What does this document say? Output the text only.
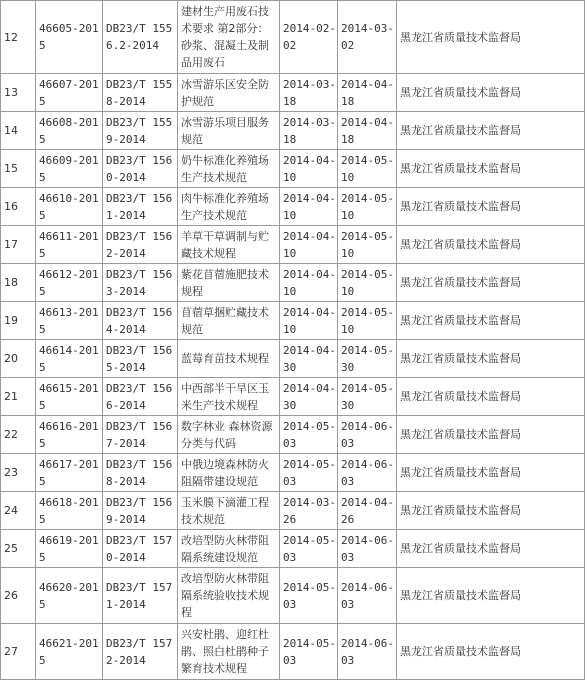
12	46605-2015	DB23/T 1556.2-2014	建材生产用废石技术要求 第2部分：砂浆、混凝土及制品用废石	2014-02-02	2014-03-02	黑龙江省质量技术监督局
13	46607-2015	DB23/T 1558-2014	冰雪游乐区安全防护规范	2014-03-18	2014-04-18	黑龙江省质量技术监督局
14	46608-2015	DB23/T 1559-2014	冰雪游乐项目服务规范	2014-03-18	2014-04-18	黑龙江省质量技术监督局
15	46609-2015	DB23/T 1560-2014	奶牛标准化养殖场生产技术规范	2014-04-10	2014-05-10	黑龙江省质量技术监督局
16	46610-2015	DB23/T 1561-2014	肉牛标准化养殖场生产技术规范	2014-04-10	2014-05-10	黑龙江省质量技术监督局
17	46611-2015	DB23/T 1562-2014	羊草干草调制与贮藏技术规程	2014-04-10	2014-05-10	黑龙江省质量技术监督局
18	46612-2015	DB23/T 1563-2014	紫花苜蓿施肥技术规程	2014-04-10	2014-05-10	黑龙江省质量技术监督局
19	46613-2015	DB23/T 1564-2014	苜蓿草捆贮藏技术规范	2014-04-10	2014-05-10	黑龙江省质量技术监督局
20	46614-2015	DB23/T 1565-2014	蓝莓育苗技术规程	2014-04-30	2014-05-30	黑龙江省质量技术监督局
21	46615-2015	DB23/T 1566-2014	中西部半干旱区玉米生产技术规程	2014-04-30	2014-05-30	黑龙江省质量技术监督局
22	46616-2015	DB23/T 1567-2014	数字林业 森林资源分类与代码	2014-05-03	2014-06-03	黑龙江省质量技术监督局
23	46617-2015	DB23/T 1568-2014	中俄边境森林防火阻隔带建设规范	2014-05-03	2014-06-03	黑龙江省质量技术监督局
24	46618-2015	DB23/T 1569-2014	玉米膜下滴灌工程技术规范	2014-03-26	2014-04-26	黑龙江省质量技术监督局
25	46619-2015	DB23/T 1570-2014	改培型防火林带阻隔系统建设规范	2014-05-03	2014-06-03	黑龙江省质量技术监督局
26	46620-2015	DB23/T 1571-2014	改培型防火林带阻隔系统验收技术规程	2014-05-03	2014-06-03	黑龙江省质量技术监督局
27	46621-2015	DB23/T 1572-2014	兴安杜鹃、迎红杜鹃、照白杜鹃种子繁育技术规程	2014-05-03	2014-06-03	黑龙江省质量技术监督局
